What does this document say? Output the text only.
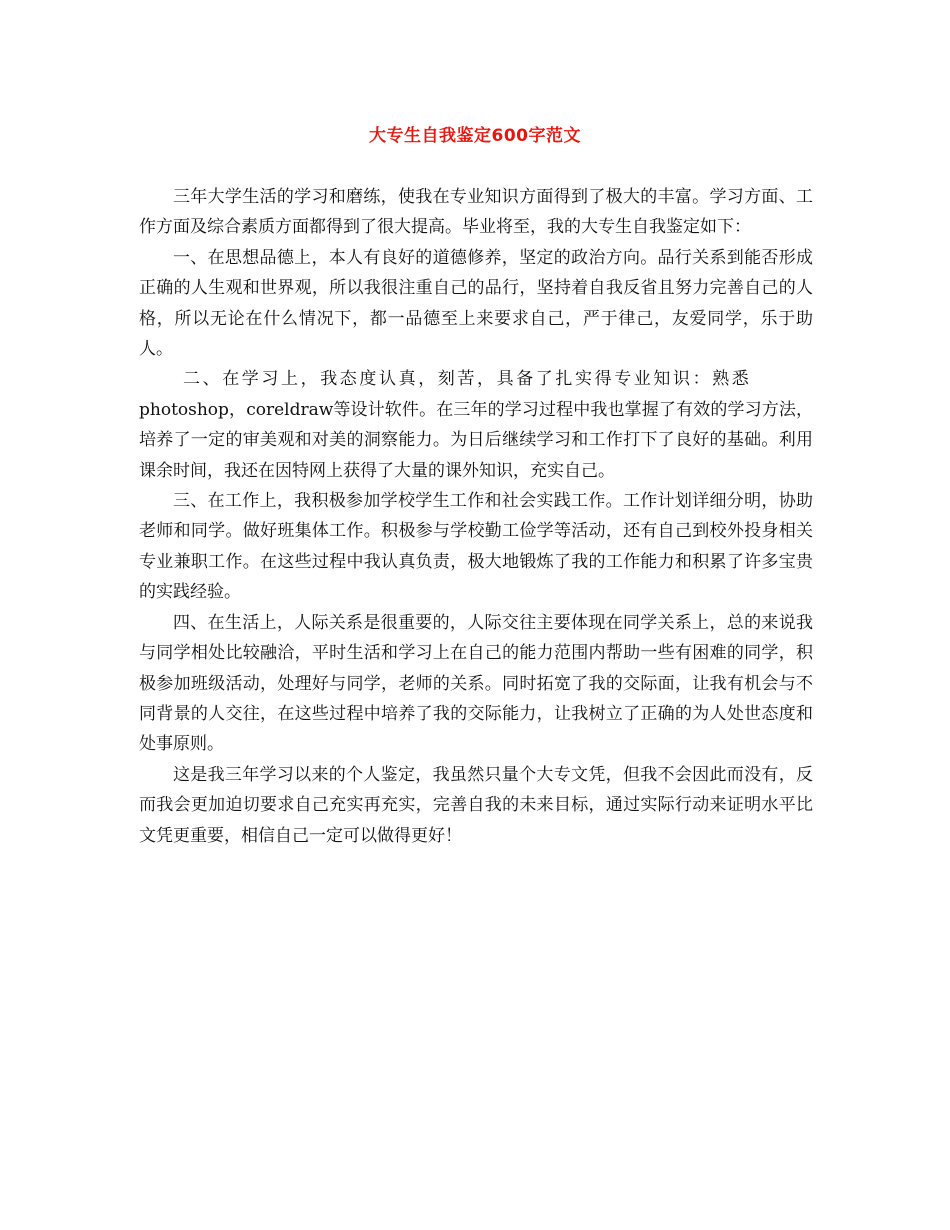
大专生自我鉴定600字范文

三年大学生活的学习和磨练，使我在专业知识方面得到了极大的丰富。学习方面、工作方面及综合素质方面都得到了很大提高。毕业将至，我的大专生自我鉴定如下：

一、在思想品德上，本人有良好的道德修养，坚定的政治方向。品行关系到能否形成正确的人生观和世界观，所以我很注重自己的品行，坚持着自我反省且努力完善自己的人格，所以无论在什么情况下，都一品德至上来要求自己，严于律己，友爱同学，乐于助人。

二、在学习上，我态度认真，刻苦，具备了扎实得专业知识：熟悉
photoshop，coreldraw等设计软件。在三年的学习过程中我也掌握了有效的学习方法，培养了一定的审美观和对美的洞察能力。为日后继续学习和工作打下了良好的基础。利用课余时间，我还在因特网上获得了大量的课外知识，充实自己。

三、在工作上，我积极参加学校学生工作和社会实践工作。工作计划详细分明，协助老师和同学。做好班集体工作。积极参与学校勤工俭学等活动，还有自己到校外投身相关专业兼职工作。在这些过程中我认真负责，极大地锻炼了我的工作能力和积累了许多宝贵的实践经验。

四、在生活上，人际关系是很重要的，人际交往主要体现在同学关系上，总的来说我与同学相处比较融洽，平时生活和学习上在自己的能力范围内帮助一些有困难的同学，积极参加班级活动，处理好与同学，老师的关系。同时拓宽了我的交际面，让我有机会与不同背景的人交往，在这些过程中培养了我的交际能力，让我树立了正确的为人处世态度和处事原则。

这是我三年学习以来的个人鉴定，我虽然只量个大专文凭，但我不会因此而没有，反而我会更加迫切要求自己充实再充实，完善自我的未来目标，通过实际行动来证明水平比文凭更重要，相信自己一定可以做得更好！
